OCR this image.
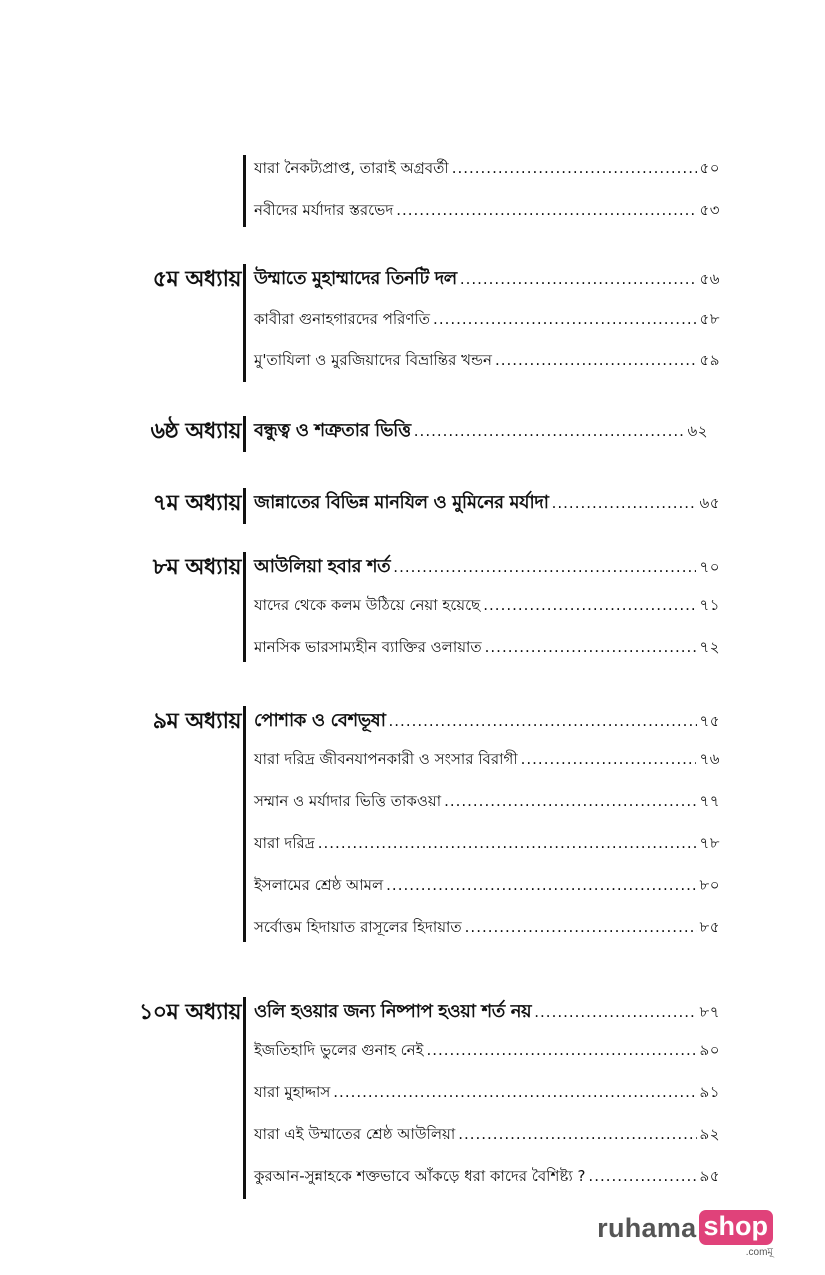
যারা নৈকট্যপ্রাপ্ত, তারাই অগ্রবর্তী .....	৫০
নবীদের মর্যাদার স্তরভেদ .....	৫৩
৫ম অধ্যায় উম্মাতে মুহাম্মাদের তিনটি দল .....	৫৬
কাবীরা গুনাহগারদের পরিণতি .....	৫৮
মু'তাযিলা ও মুরজিয়াদের বিভ্রান্তির খন্ডন .....	৫৯
৬ষ্ঠ অধ্যায় বন্ধুত্ব ও শত্রুতার ভিত্তি .....	৬২
৭ম অধ্যায় জান্নাতের বিভিন্ন মানযিল ও মুমিনের মর্যাদা .....	৬৫
৮ম অধ্যায় আউলিয়া হবার শর্ত .....	৭০
যাদের থেকে কলম উঠিয়ে নেয়া হয়েছে .....	৭১
মানসিক ভারসাম্যহীন ব্যাক্তির ওলায়াত .....	৭২
৯ম অধ্যায় পোশাক ও বেশভূষা .....	৭৫
যারা দরিদ্র জীবনযাপনকারী ও সংসার বিরাগী .....	৭৬
সম্মান ও মর্যাদার ভিত্তি তাকওয়া .....	৭৭
যারা দরিদ্র .....	৭৮
ইসলামের শ্রেষ্ঠ আমল .....	৮০
সর্বোত্তম হিদায়াত রাসূলের হিদায়াত .....	৮৫
১০ম অধ্যায় ওলি হওয়ার জন্য নিষ্পাপ হওয়া শর্ত নয় .....	৮৭
ইজতিহাদি ভুলের গুনাহ নেই .....	৯০
যারা মুহাদ্দাস .....	৯১
যারা এই উম্মাতের শ্রেষ্ঠ আউলিয়া .....	৯২
কুরআন-সুন্নাহকে শক্তভাবে আঁকড়ে ধরা কাদের বৈশিষ্ট্য ? .....	৯৫
ruhama shop
.comমূ
